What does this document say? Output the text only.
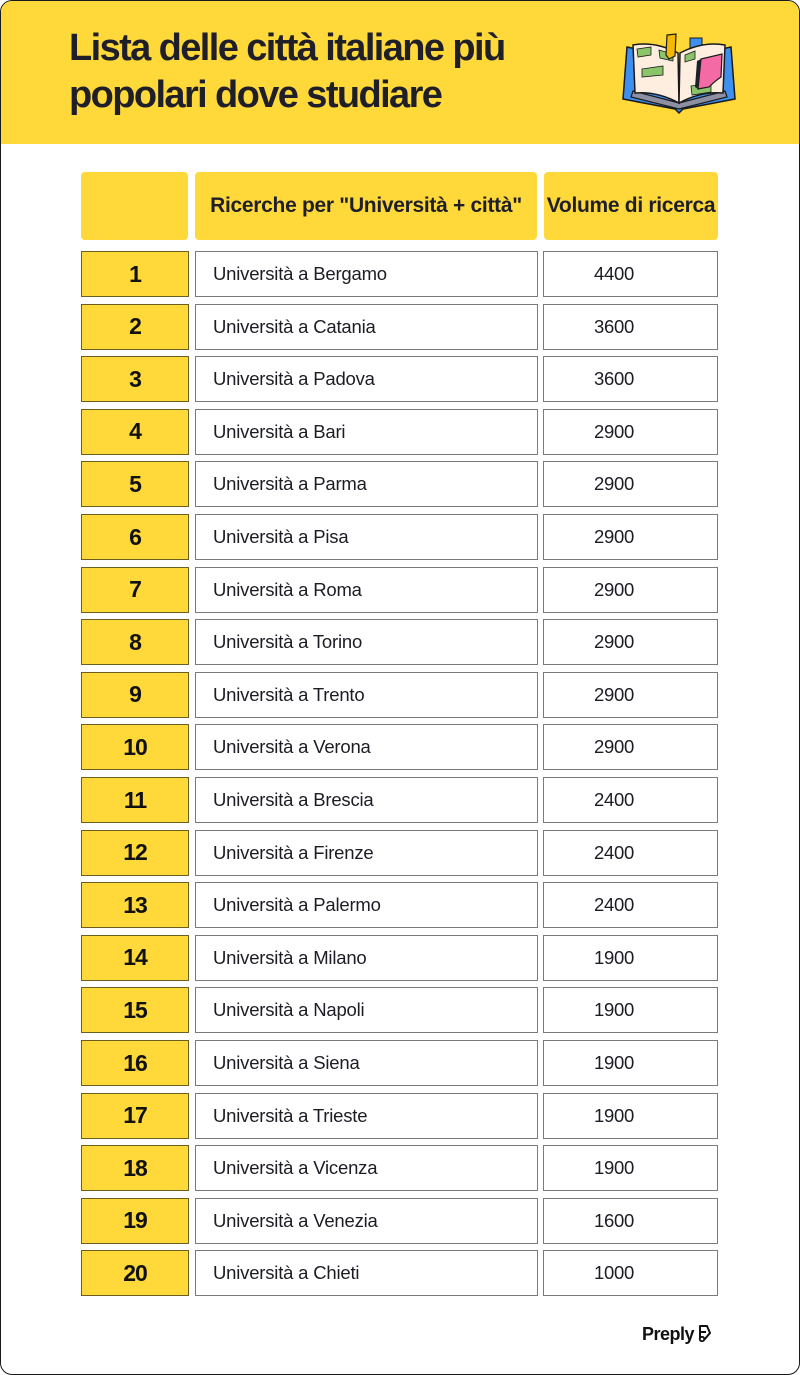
Lista delle città italiane più
popolari dove studiare
Ricerche per "Università + città"	Volume di ricerca
1	Università a Bergamo	4400
2	Università a Catania	3600
3	Università a Padova	3600
4	Università a Bari	2900
5	Università a Parma	2900
6	Università a Pisa	2900
7	Università a Roma	2900
8	Università a Torino	2900
9	Università a Trento	2900
10	Università a Verona	2900
11	Università a Brescia	2400
12	Università a Firenze	2400
13	Università a Palermo	2400
14	Università a Milano	1900
15	Università a Napoli	1900
16	Università a Siena	1900
17	Università a Trieste	1900
18	Università a Vicenza	1900
19	Università a Venezia	1600
20	Università a Chieti	1000
Preply
